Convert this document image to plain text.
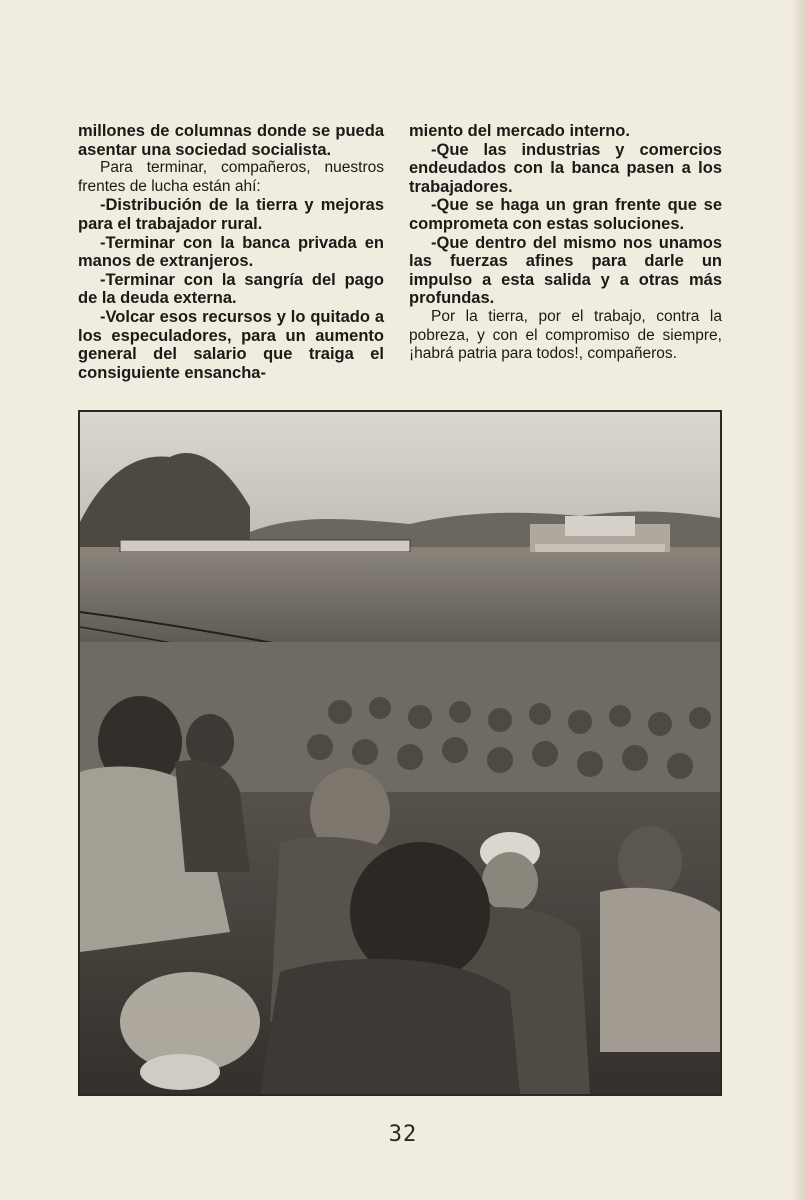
millones de columnas donde se pueda asentar una sociedad socialista.

Para terminar, compañeros, nuestros frentes de lucha están ahí:

-Distribución de la tierra y mejoras para el trabajador rural.

-Terminar con la banca privada en manos de extranjeros.

-Terminar con la sangría del pago de la deuda externa.

-Volcar esos recursos y lo quitado a los especuladores, para un aumento general del salario que traiga el consiguiente ensancha-

miento del mercado interno.

-Que las industrias y comercios endeudados con la banca pasen a los trabajadores.

-Que se haga un gran frente que se comprometa con estas soluciones.

-Que dentro del mismo nos unamos las fuerzas afines para darle un impulso a esta salida y a otras más profundas.

Por la tierra, por el trabajo, contra la pobreza, y con el compromiso de siempre, ¡habrá patria para todos!, compañeros.

32
